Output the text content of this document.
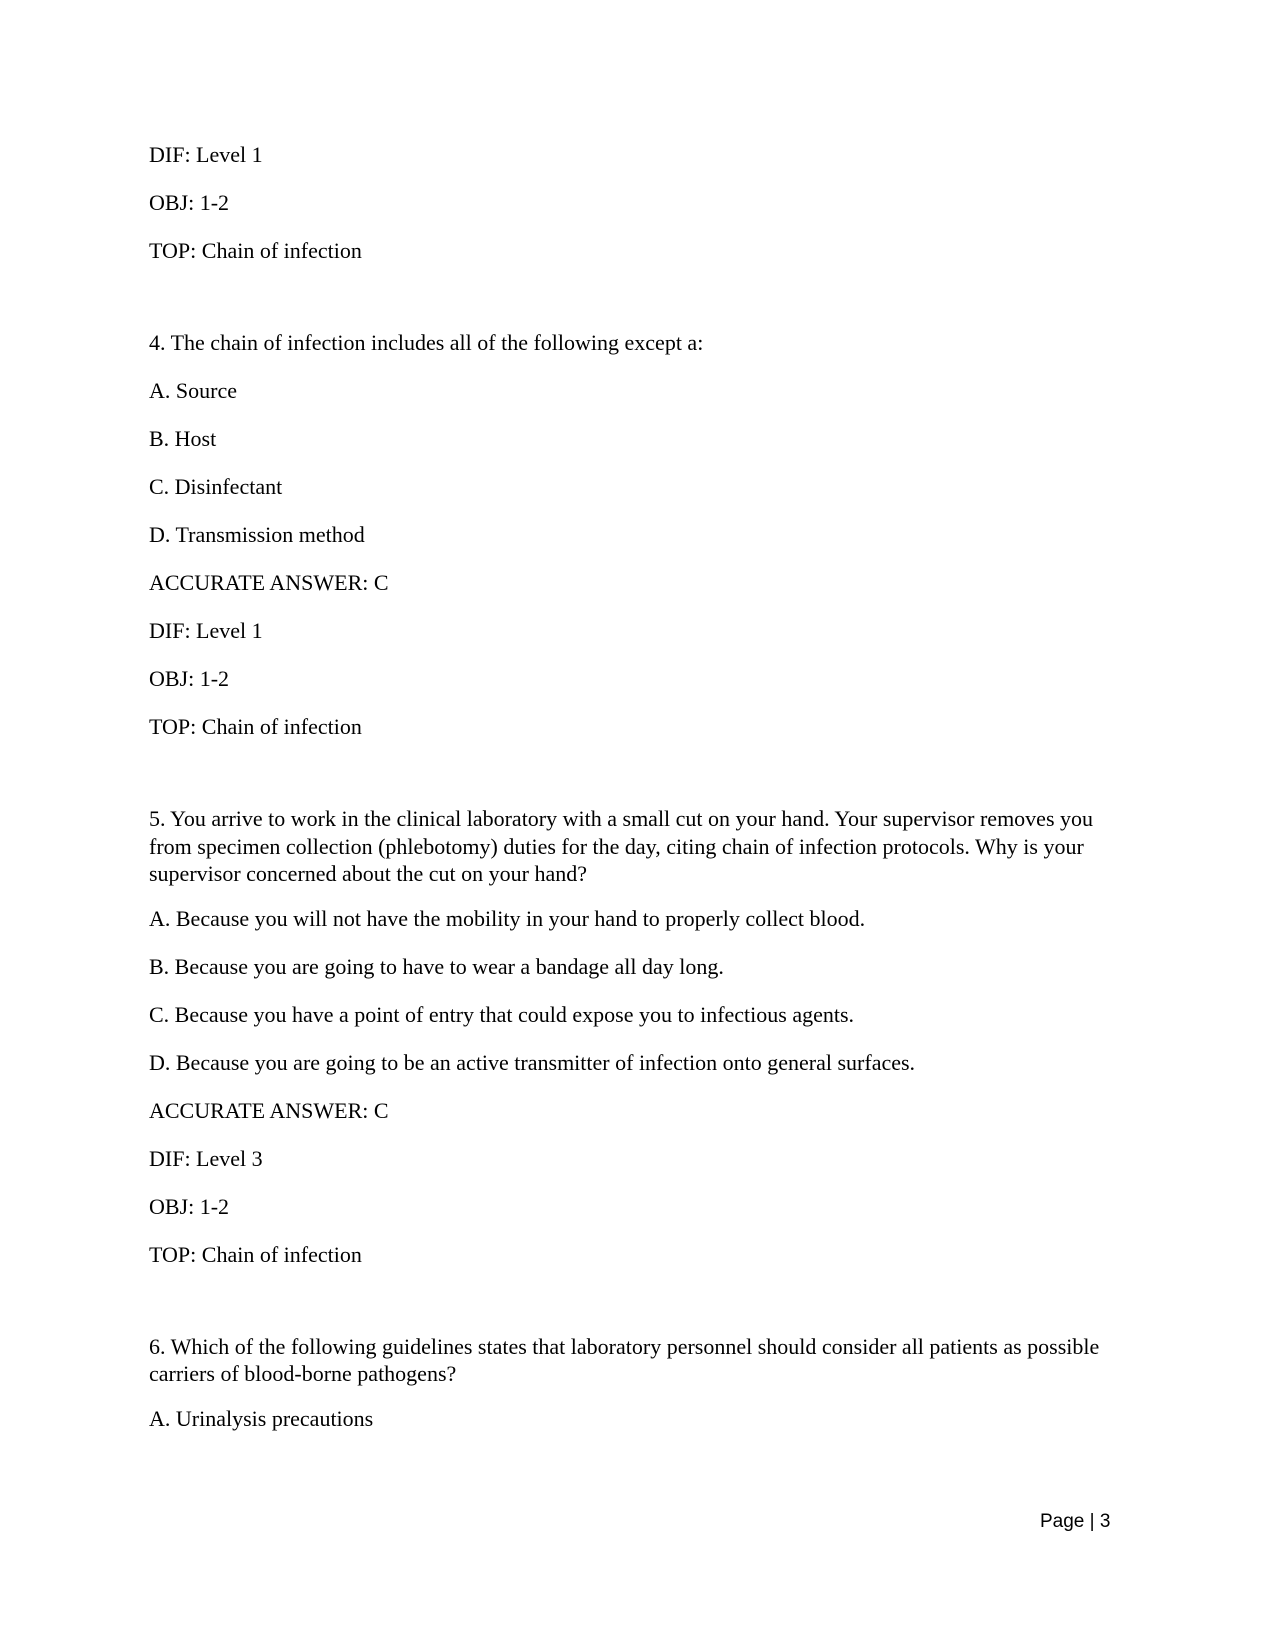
DIF: Level 1

OBJ: 1-2

TOP: Chain of infection

4. The chain of infection includes all of the following except a:

A. Source

B. Host

C. Disinfectant

D. Transmission method

ACCURATE ANSWER: C

DIF: Level 1

OBJ: 1-2

TOP: Chain of infection

5. You arrive to work in the clinical laboratory with a small cut on your hand. Your supervisor removes you from specimen collection (phlebotomy) duties for the day, citing chain of infection protocols. Why is your supervisor concerned about the cut on your hand?

A. Because you will not have the mobility in your hand to properly collect blood.

B. Because you are going to have to wear a bandage all day long.

C. Because you have a point of entry that could expose you to infectious agents.

D. Because you are going to be an active transmitter of infection onto general surfaces.

ACCURATE ANSWER: C

DIF: Level 3

OBJ: 1-2

TOP: Chain of infection

6. Which of the following guidelines states that laboratory personnel should consider all patients as possible carriers of blood-borne pathogens?

A. Urinalysis precautions

Page | 3
